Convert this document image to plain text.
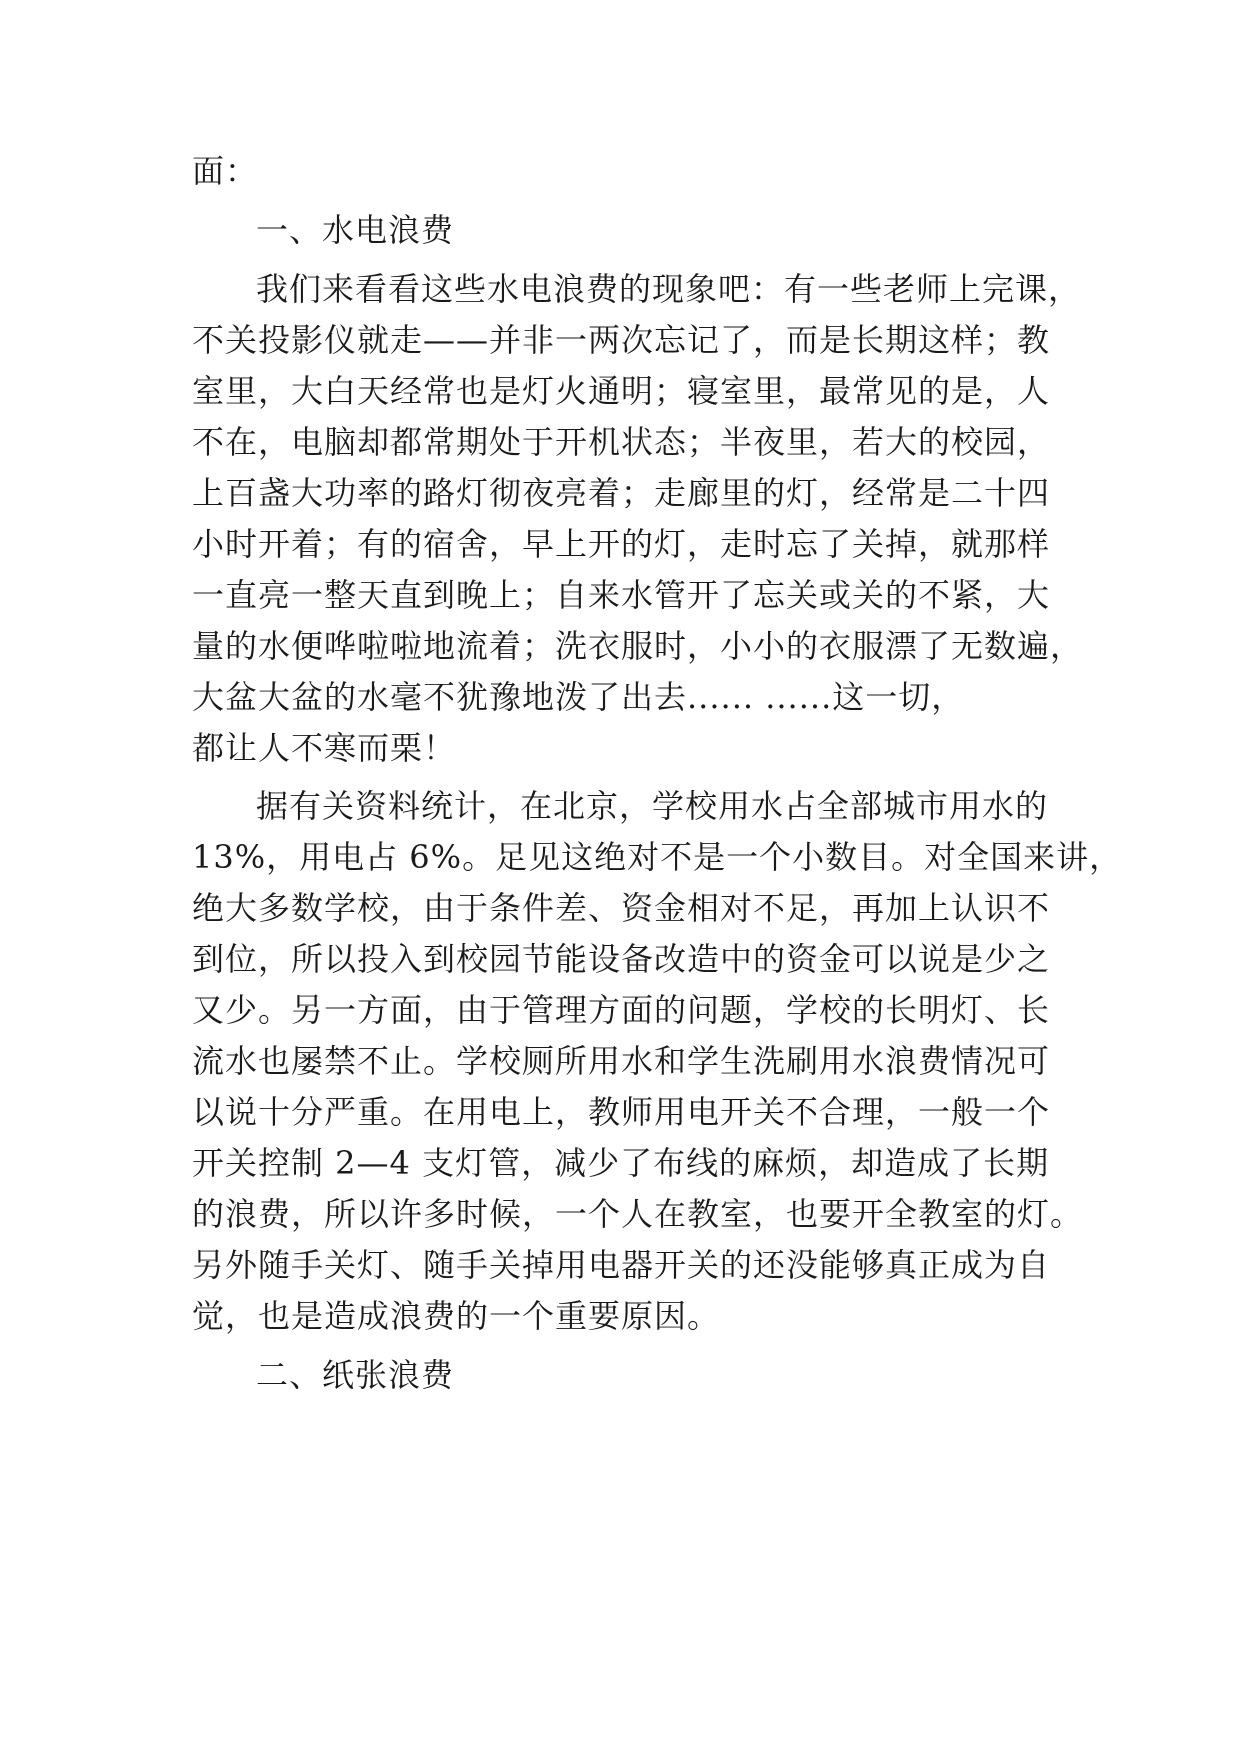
面：
一、水电浪费
我们来看看这些水电浪费的现象吧：有一些老师上完课，
不关投影仪就走——并非一两次忘记了，而是长期这样；教
室里，大白天经常也是灯火通明；寝室里，最常见的是，人
不在，电脑却都常期处于开机状态；半夜里，若大的校园，
上百盏大功率的路灯彻夜亮着；走廊里的灯，经常是二十四
小时开着；有的宿舍，早上开的灯，走时忘了关掉，就那样
一直亮一整天直到晚上；自来水管开了忘关或关的不紧，大
量的水便哗啦啦地流着；洗衣服时，小小的衣服漂了无数遍，
大盆大盆的水毫不犹豫地泼了出去...... ......这一切，
都让人不寒而栗！
据有关资料统计，在北京，学校用水占全部城市用水的
13%，用电占 6%。足见这绝对不是一个小数目。对全国来讲，
绝大多数学校，由于条件差、资金相对不足，再加上认识不
到位，所以投入到校园节能设备改造中的资金可以说是少之
又少。另一方面，由于管理方面的问题，学校的长明灯、长
流水也屡禁不止。学校厕所用水和学生洗刷用水浪费情况可
以说十分严重。在用电上，教师用电开关不合理，一般一个
开关控制 2—4 支灯管，减少了布线的麻烦，却造成了长期
的浪费，所以许多时候，一个人在教室，也要开全教室的灯。
另外随手关灯、随手关掉用电器开关的还没能够真正成为自
觉，也是造成浪费的一个重要原因。
二、纸张浪费
